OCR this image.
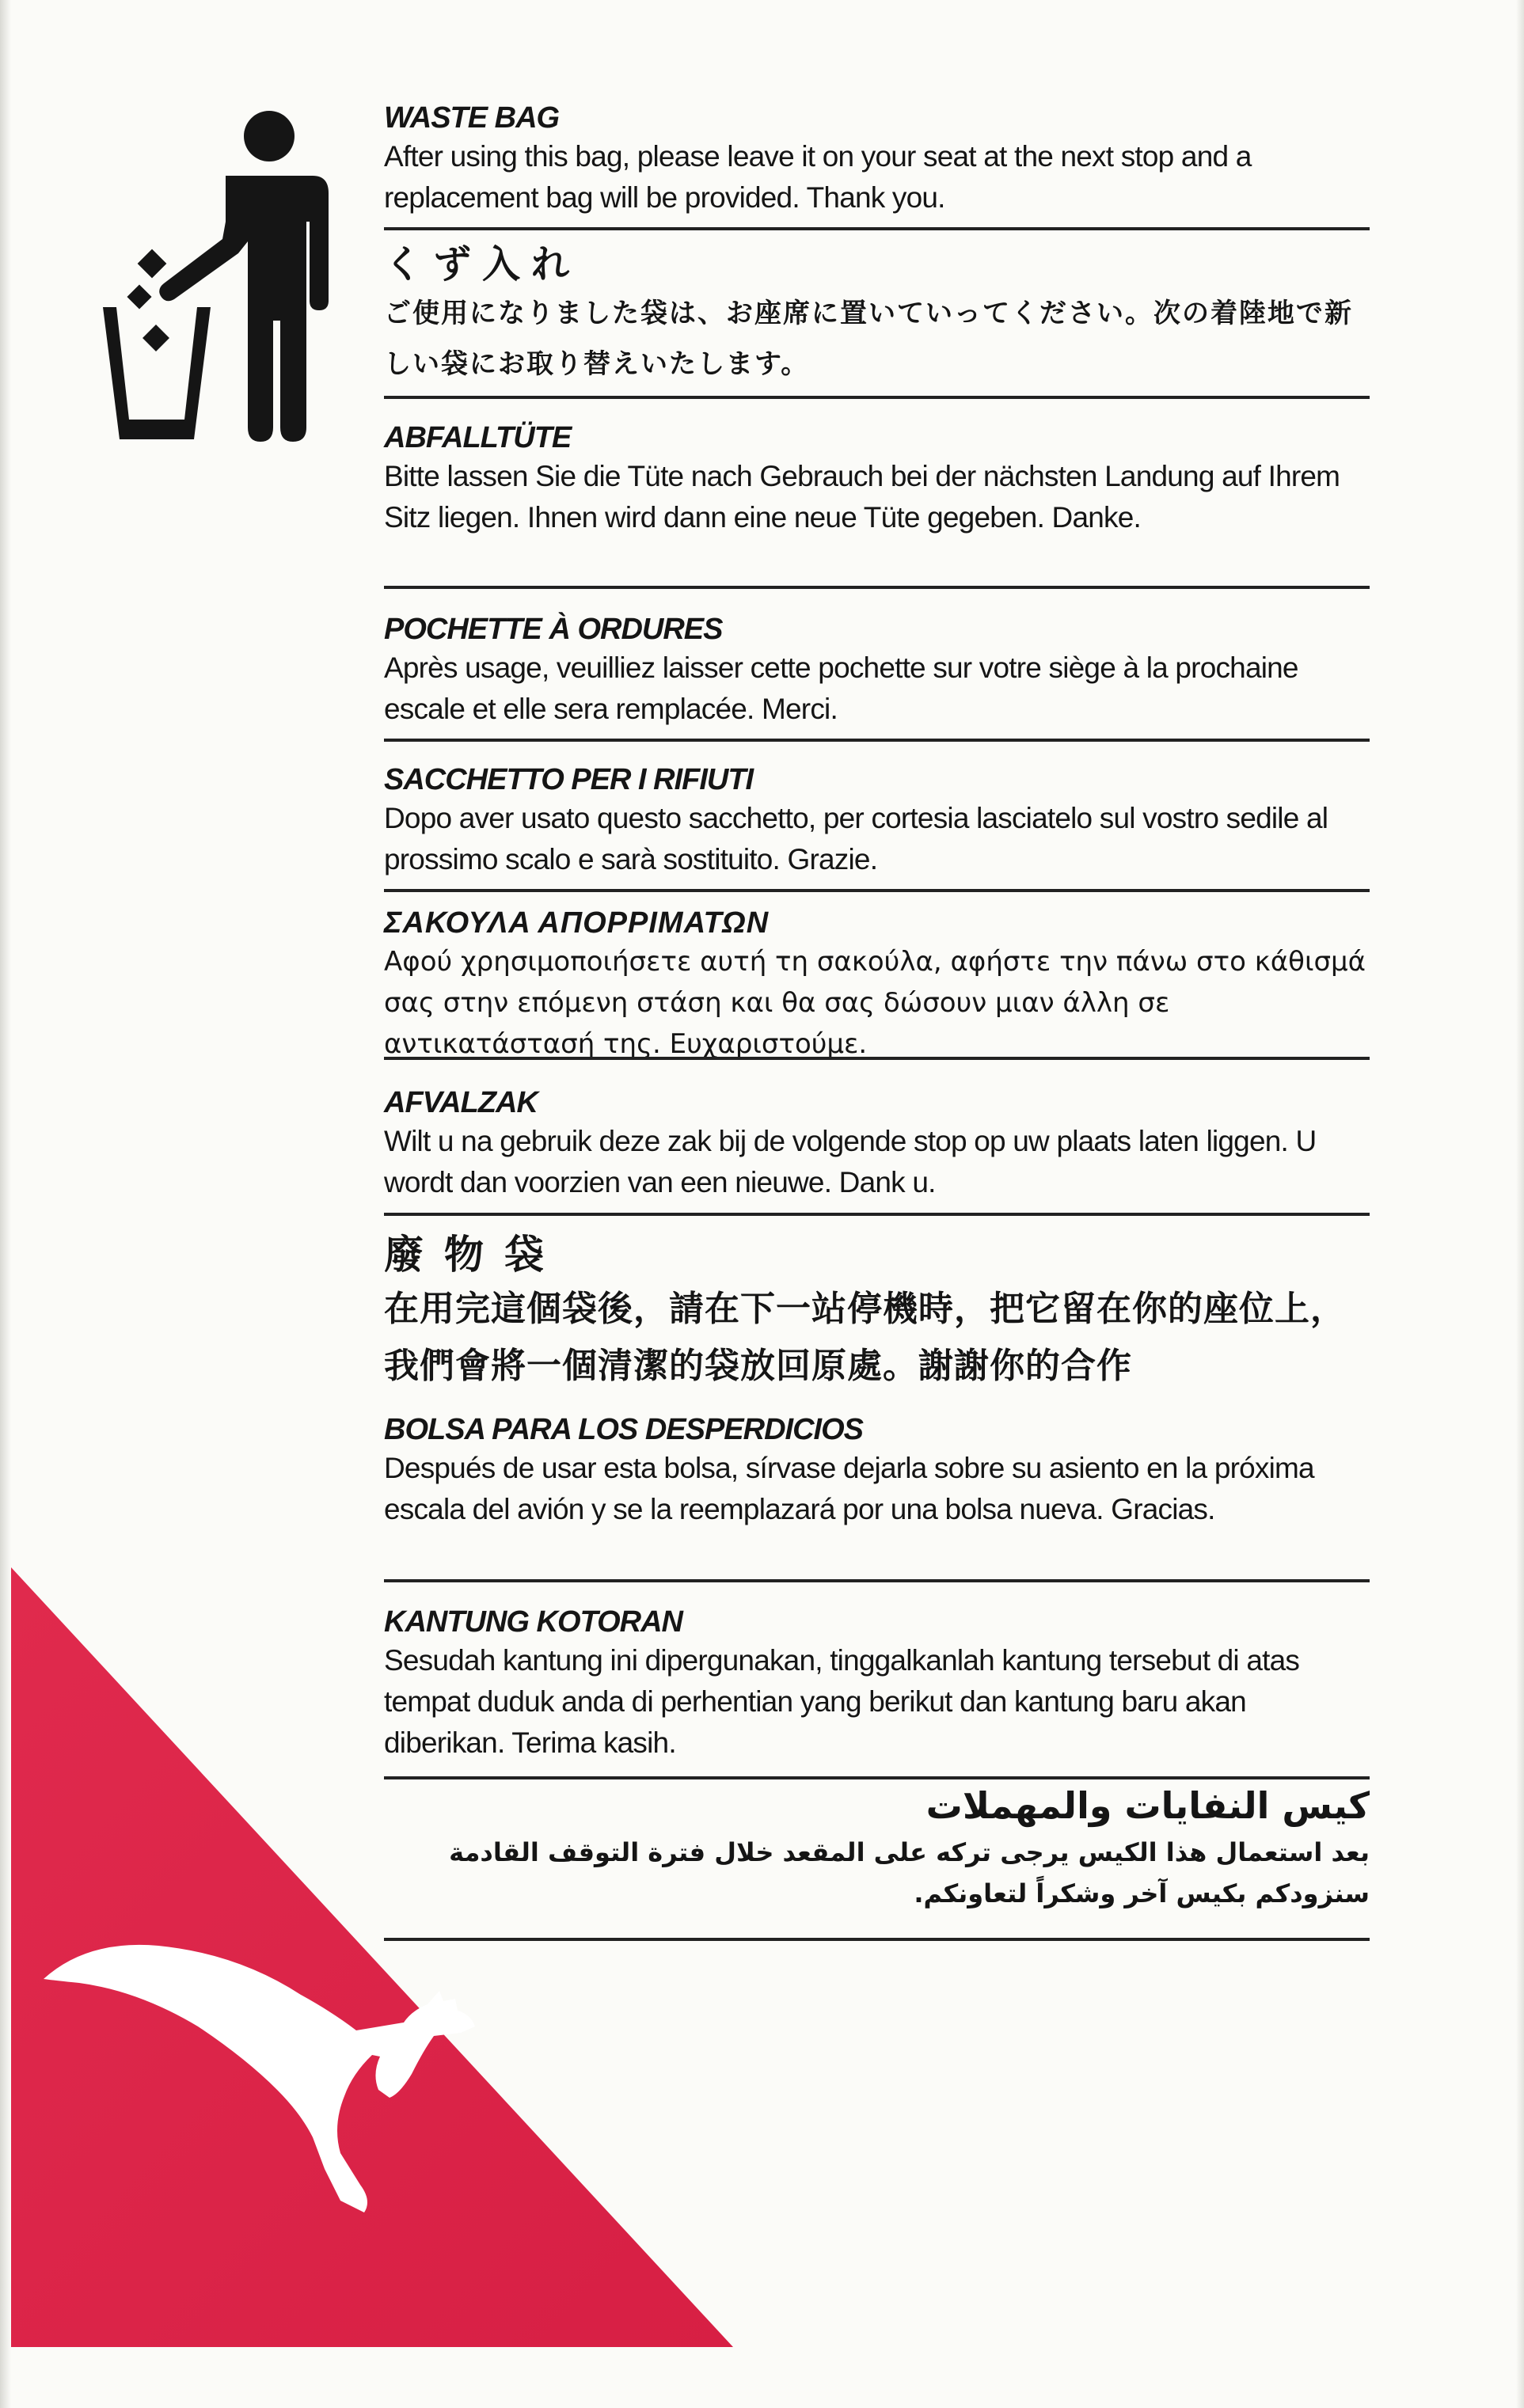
WASTE BAG

After using this bag, please leave it on your seat at the next stop and a replacement bag will be provided. Thank you.

くず入れ

ご使用になりました袋は、お座席に置いていってください。次の着陸地で新しい袋にお取り替えいたします。

ABFALLTÜTE

Bitte lassen Sie die Tüte nach Gebrauch bei der nächsten Landung auf Ihrem Sitz liegen. Ihnen wird dann eine neue Tüte gegeben. Danke.

POCHETTE À ORDURES

Après usage, veuilliez laisser cette pochette sur votre siège à la prochaine escale et elle sera remplacée. Merci.

SACCHETTO PER I RIFIUTI

Dopo aver usato questo sacchetto, per cortesia lasciatelo sul vostro sedile al prossimo scalo e sarà sostituito. Grazie.

ΣΑΚΟΥΛΑ ΑΠΟΡΡΙΜΑΤΩΝ

Αφού χρησιμοποιήσετε αυτή τη σακούλα, αφήστε την πάνω στο κάθισμά σας στην επόμενη στάση και θα σας δώσουν μιαν άλλη σε αντικατάστασή της. Ευχαριστούμε.

AFVALZAK

Wilt u na gebruik deze zak bij de volgende stop op uw plaats laten liggen. U wordt dan voorzien van een nieuwe. Dank u.

廢物袋

在用完這個袋後，請在下一站停機時，把它留在你的座位上，我們會將一個清潔的袋放回原處。謝謝你的合作

BOLSA PARA LOS DESPERDICIOS

Después de usar esta bolsa, sírvase dejarla sobre su asiento en la próxima escala del avión y se la reemplazará por una bolsa nueva. Gracias.

KANTUNG KOTORAN

Sesudah kantung ini dipergunakan, tinggalkanlah kantung tersebut di atas tempat duduk anda di perhentian yang berikut dan kantung baru akan diberikan. Terima kasih.

كيس النفايات والمهملات

بعد استعمال هذا الكيس يرجى تركه على المقعد خلال فترة التوقف القادمة سنزودكم بكيس آخر وشكراً لتعاونكم.
